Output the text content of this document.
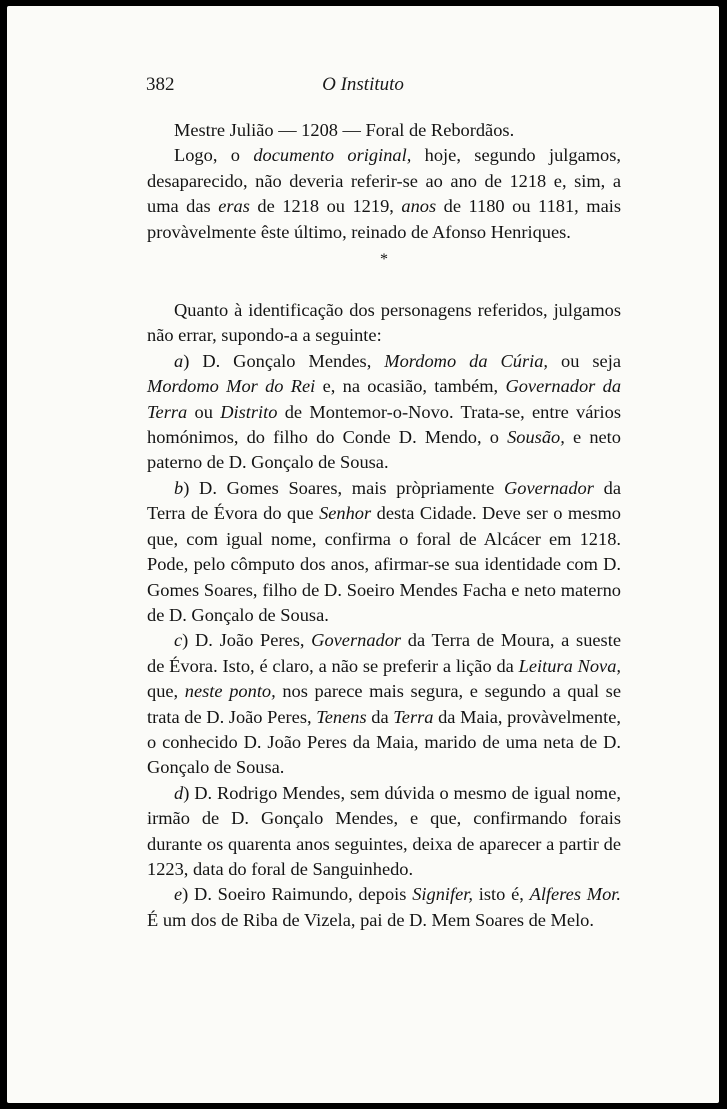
382	O Instituto

Mestre Julião — 1208 — Foral de Rebordãos.

Logo, o documento original, hoje, segundo julgamos, desaparecido, não deveria referir-se ao ano de 1218 e, sim, a uma das eras de 1218 ou 1219, anos de 1180 ou 1181, mais provàvelmente êste último, reinado de Afonso Henriques.

*

Quanto à identificação dos personagens referidos, julgamos não errar, supondo-a a seguinte:

a) D. Gonçalo Mendes, Mordomo da Cúria, ou seja Mordomo Mor do Rei e, na ocasião, também, Governador da Terra ou Distrito de Montemor-o-Novo. Trata-se, entre vários homónimos, do filho do Conde D. Mendo, o Sousão, e neto paterno de D. Gonçalo de Sousa.

b) D. Gomes Soares, mais pròpriamente Governador da Terra de Évora do que Senhor desta Cidade. Deve ser o mesmo que, com igual nome, confirma o foral de Alcácer em 1218. Pode, pelo cômputo dos anos, afirmar-se sua identidade com D. Gomes Soares, filho de D. Soeiro Mendes Facha e neto materno de D. Gonçalo de Sousa.

c) D. João Peres, Governador da Terra de Moura, a sueste de Évora. Isto, é claro, a não se preferir a lição da Leitura Nova, que, neste ponto, nos parece mais segura, e segundo a qual se trata de D. João Peres, Tenens da Terra da Maia, provàvelmente, o conhecido D. João Peres da Maia, marido de uma neta de D. Gonçalo de Sousa.

d) D. Rodrigo Mendes, sem dúvida o mesmo de igual nome, irmão de D. Gonçalo Mendes, e que, confirmando forais durante os quarenta anos seguintes, deixa de aparecer a partir de 1223, data do foral de Sanguinhedo.

e) D. Soeiro Raimundo, depois Signifer, isto é, Alferes Mor. É um dos de Riba de Vizela, pai de D. Mem Soares de Melo.
